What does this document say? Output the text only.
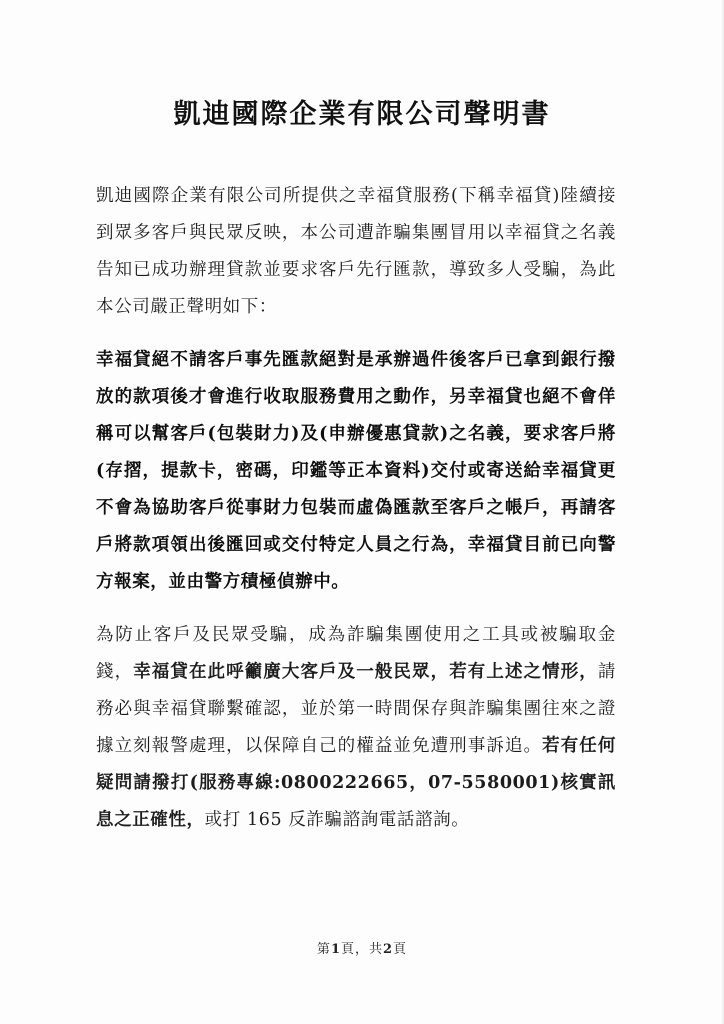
凱迪國際企業有限公司聲明書

凱迪國際企業有限公司所提供之幸福貸服務(下稱幸福貸)陸續接到眾多客戶與民眾反映，本公司遭詐騙集團冒用以幸福貸之名義告知已成功辦理貸款並要求客戶先行匯款，導致多人受騙，為此本公司嚴正聲明如下：

幸福貸絕不請客戶事先匯款絕對是承辦過件後客戶已拿到銀行撥放的款項後才會進行收取服務費用之動作，另幸福貸也絕不會佯稱可以幫客戶(包裝財力)及(申辦優惠貸款)之名義，要求客戶將(存摺，提款卡，密碼，印鑑等正本資料)交付或寄送給幸福貸更不會為協助客戶從事財力包裝而虛偽匯款至客戶之帳戶，再請客戶將款項領出後匯回或交付特定人員之行為，幸福貸目前已向警方報案，並由警方積極偵辦中。

為防止客戶及民眾受騙，成為詐騙集團使用之工具或被騙取金錢，幸福貸在此呼籲廣大客戶及一般民眾，若有上述之情形，請務必與幸福貸聯繫確認，並於第一時間保存與詐騙集團往來之證據立刻報警處理，以保障自己的權益並免遭刑事訴追。若有任何疑問請撥打(服務專線:0800222665，07-5580001)核實訊息之正確性，或打 165 反詐騙諮詢電話諮詢。

第1頁，共2頁
